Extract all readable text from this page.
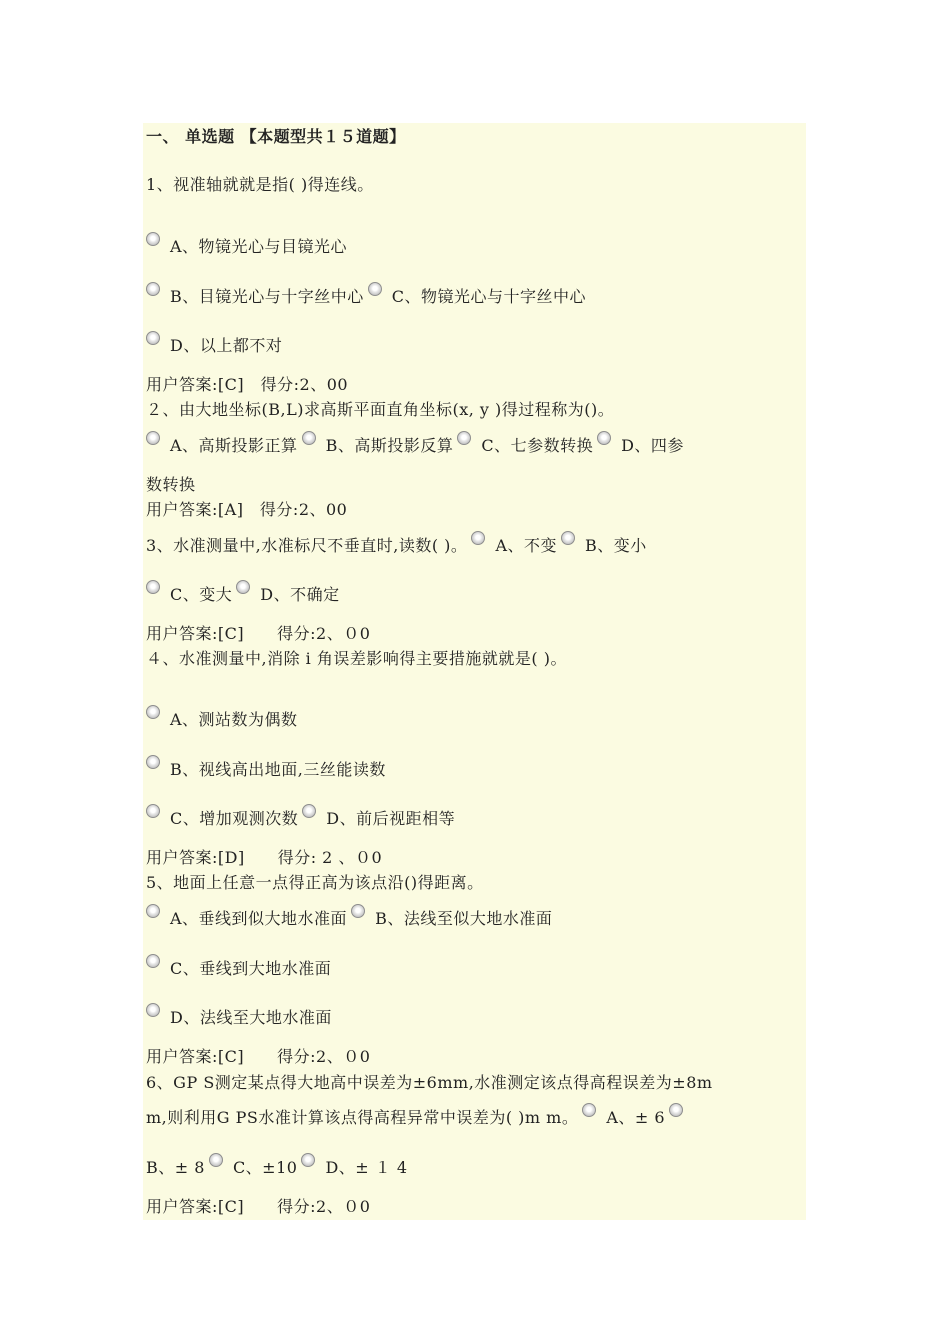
一、 单选题 【本题型共１５道题】
1、视准轴就就是指( )得连线。
A、物镜光心与目镜光心
B、目镜光心与十字丝中心 C、物镜光心与十字丝中心
D、以上都不对
用户答案:[C]　得分:2、00
２、由大地坐标(B,L)求高斯平面直角坐标(x, y )得过程称为()。
A、高斯投影正算 B、高斯投影反算 C、七参数转换 D、四参
数转换
用户答案:[A]　得分:2、00
3、水准测量中,水准标尺不垂直时,读数( )。 A、不变 B、变小
C、变大 D、不确定
用户答案:[C]　　得分:2、０0
４、水准测量中,消除 i 角误差影响得主要措施就就是( )。
A、测站数为偶数
B、视线高出地面,三丝能读数
C、增加观测次数 D、前后视距相等
用户答案:[D]　　得分: 2 、０0
5、地面上任意一点得正高为该点沿()得距离。
A、垂线到似大地水准面 B、法线至似大地水准面
C、垂线到大地水准面
D、法线至大地水准面
用户答案:[C]　　得分:2、０0
6、GP S测定某点得大地高中误差为±6mm,水准测定该点得高程误差为±8m
m,则利用G PS水准计算该点得高程异常中误差为( )m m。 A、± 6
B、± 8 C、±10 D、± １ 4
用户答案:[C]　　得分:2、０0
